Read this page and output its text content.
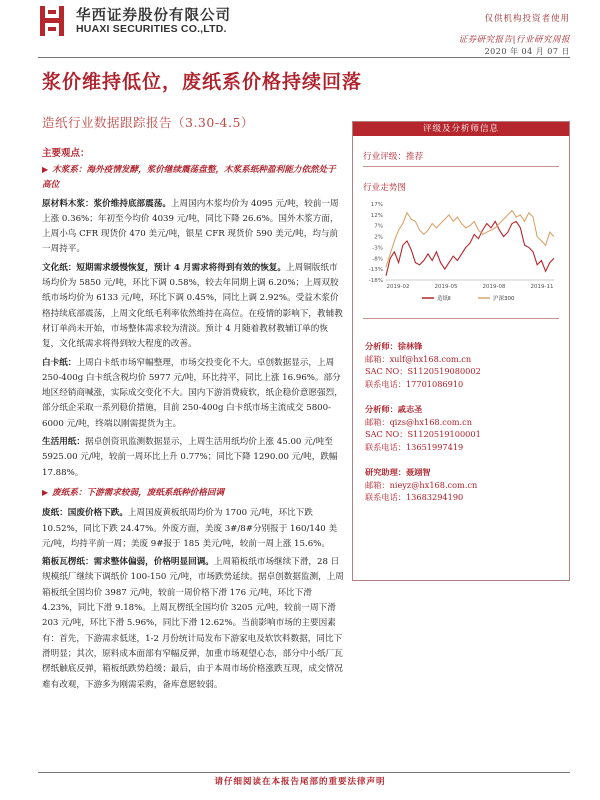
华西证券股份有限公司
HUAXI SECURITIES CO.,LTD.
仅供机构投资者使用
证券研究报告|行业研究周报
2020 年 04 月 07 日
浆价维持低位，废纸系价格持续回落
造纸行业数据跟踪报告（3.30-4.5）
主要观点：
▶ 木浆系：海外疫情发酵，浆价继续震荡盘整，木浆系纸种盈利能力依然处于高位

原材料木浆：浆价维持底部震荡。上周国内木浆均价为 4095 元/吨，较前一周上涨 0.36%；年初至今均价 4039 元/吨，同比下降 26.6%。国外木浆方面，上周小鸟 CFR 现货价 470 美元/吨，银星 CFR 现货价 590 美元/吨，均与前一周持平。

文化纸：短期需求缓慢恢复，预计 4 月需求将得到有效的恢复。上周铜版纸市场均价为 5850 元/吨，环比下调 0.58%，较去年同期上调 6.20%；上周双胶纸市场均价为 6133 元/吨，环比下调 0.45%，同比上调 2.92%。受益木浆价格持续底部震荡，上周文化纸毛利率依然维持在高位。在疫情的影响下，教辅教材订单尚未开始，市场整体需求较为清淡。预计 4 月随着教材教辅订单的恢复，文化纸需求将得到较大程度的改善。

白卡纸：上周白卡纸市场窄幅整理，市场交投变化不大。卓创数据显示，上周 250-400g 白卡纸含税均价 5977 元/吨，环比持平，同比上涨 16.96%。部分地区经销商喊涨，实际成交变化不大。国内下游消费疲软，纸企稳价意愿强烈，部分纸企采取一系列稳价措施，目前 250-400g 白卡纸市场主流成交 5800-6000 元/吨，终端以刚需提货为主。

生活用纸：据卓创资讯监测数据显示，上周生活用纸均价上涨 45.00 元/吨至 5925.00 元/吨，较前一周环比上升 0.77%；同比下降 1290.00 元/吨，跌幅 17.88%。

▶ 废纸系：下游需求较弱，废纸系纸种价格回调

废纸：国废价格下跌。上周国废黄板纸周均价为 1700 元/吨，环比下跌 10.52%，同比下跌 24.47%。外废方面，美废 3#/8#分别报于 160/140 美元/吨，均持平前一周；美废 9#报于 185 美元/吨，较前一周上涨 15.6%。

箱板瓦楞纸：需求整体偏弱，价格明显回调。上周箱板纸市场继续下滑，28 日规模纸厂继续下调纸价 100-150 元/吨，市场跌势延续。据卓创数据监测，上周箱板纸全国均价 3987 元/吨，较前一周价格下滑 176 元/吨，环比下滑 4.23%，同比下滑 9.18%。上周瓦楞纸全国均价 3205 元/吨，较前一周下滑 203 元/吨，环比下滑 5.96%，同比下滑 12.62%。当前影响市场的主要因素有：首先，下游需求低迷，1-2 月份统计局发布下游家电及软饮料数据，同比下滑明显；其次，原料成本面部有窄幅反弹，加重市场观望心态，部分中小纸厂瓦楞纸触底反弹，箱板纸跌势趋缓；最后，由于本周市场价格涨跌互现，成交情况难有改观，下游多为刚需采购，备库意愿较弱。

评级及分析师信息
行业评级：推荐
行业走势图
17%
12%
7%
2%
-3%
-8%
-13%
-18%
2019-02	2019-05	2019-08	2019-11
造纸Ⅱ	沪深300
分析师：徐林锋
邮箱：xulf@hx168.com.cn
SAC NO：S1120519080002
联系电话：17701086910
分析师：戚志圣
邮箱：qizs@hx168.com.cn
SAC NO：S1120519100001
联系电话：13651997419
研究助理：聂翊智
邮箱：nieyz@hx168.com.cn
联系电话：13683294190
请仔细阅读在本报告尾部的重要法律声明
